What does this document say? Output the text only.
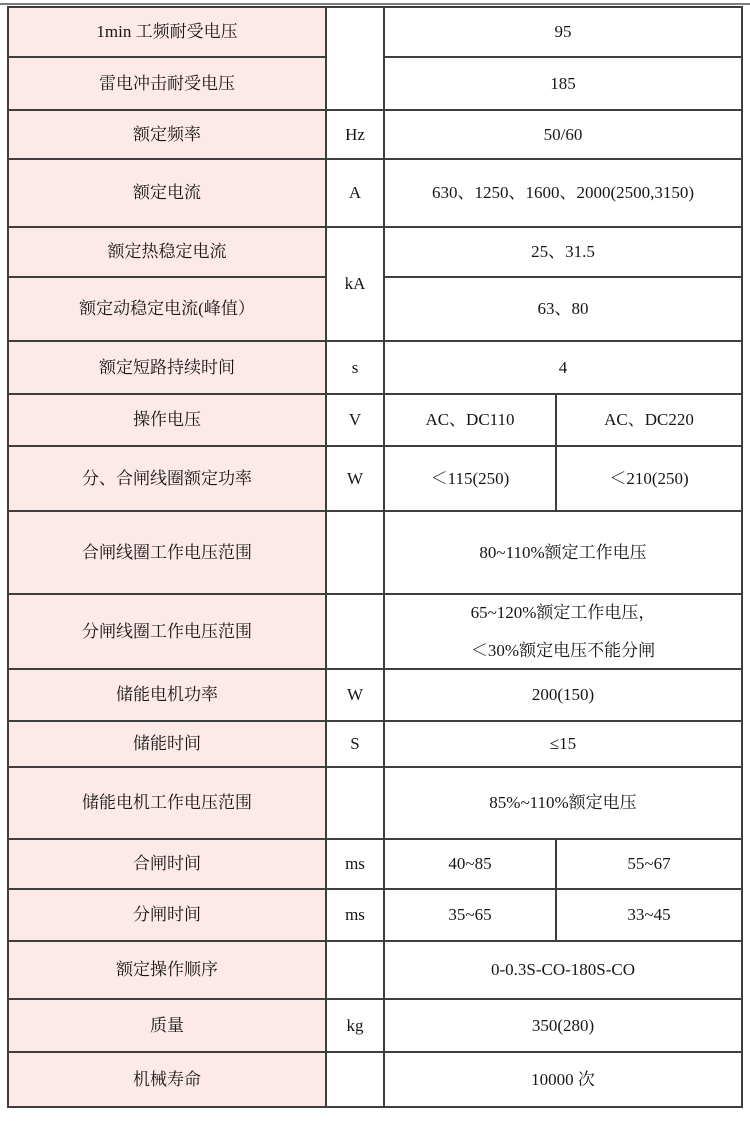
1min 工频耐受电压		95	
雷电冲击耐受电压		185	
额定频率	Hz	50/60	
额定电流	A	630、1250、1600、2000(2500,3150)	
额定热稳定电流	kA	25、31.5	
额定动稳定电流(峰值）		63、80	
额定短路持续时间	s	4	
操作电压	V	AC、DC110	AC、DC220
分、合闸线圈额定功率	W	＜115(250)	＜210(250)
合闸线圈工作电压范围		80~110%额定工作电压	
分闸线圈工作电压范围		65~120%额定工作电压，
＜30%额定电压不能分闸	

储能电机功率	W	200(150)	
储能时间	S	≤15	
储能电机工作电压范围		85%~110%额定电压	
合闸时间	ms	40~85	55~67
分闸时间	ms	35~65	33~45
额定操作顺序		0-0.3S-CO-180S-CO	
质量	kg	350(280)	
机械寿命		10000 次	
